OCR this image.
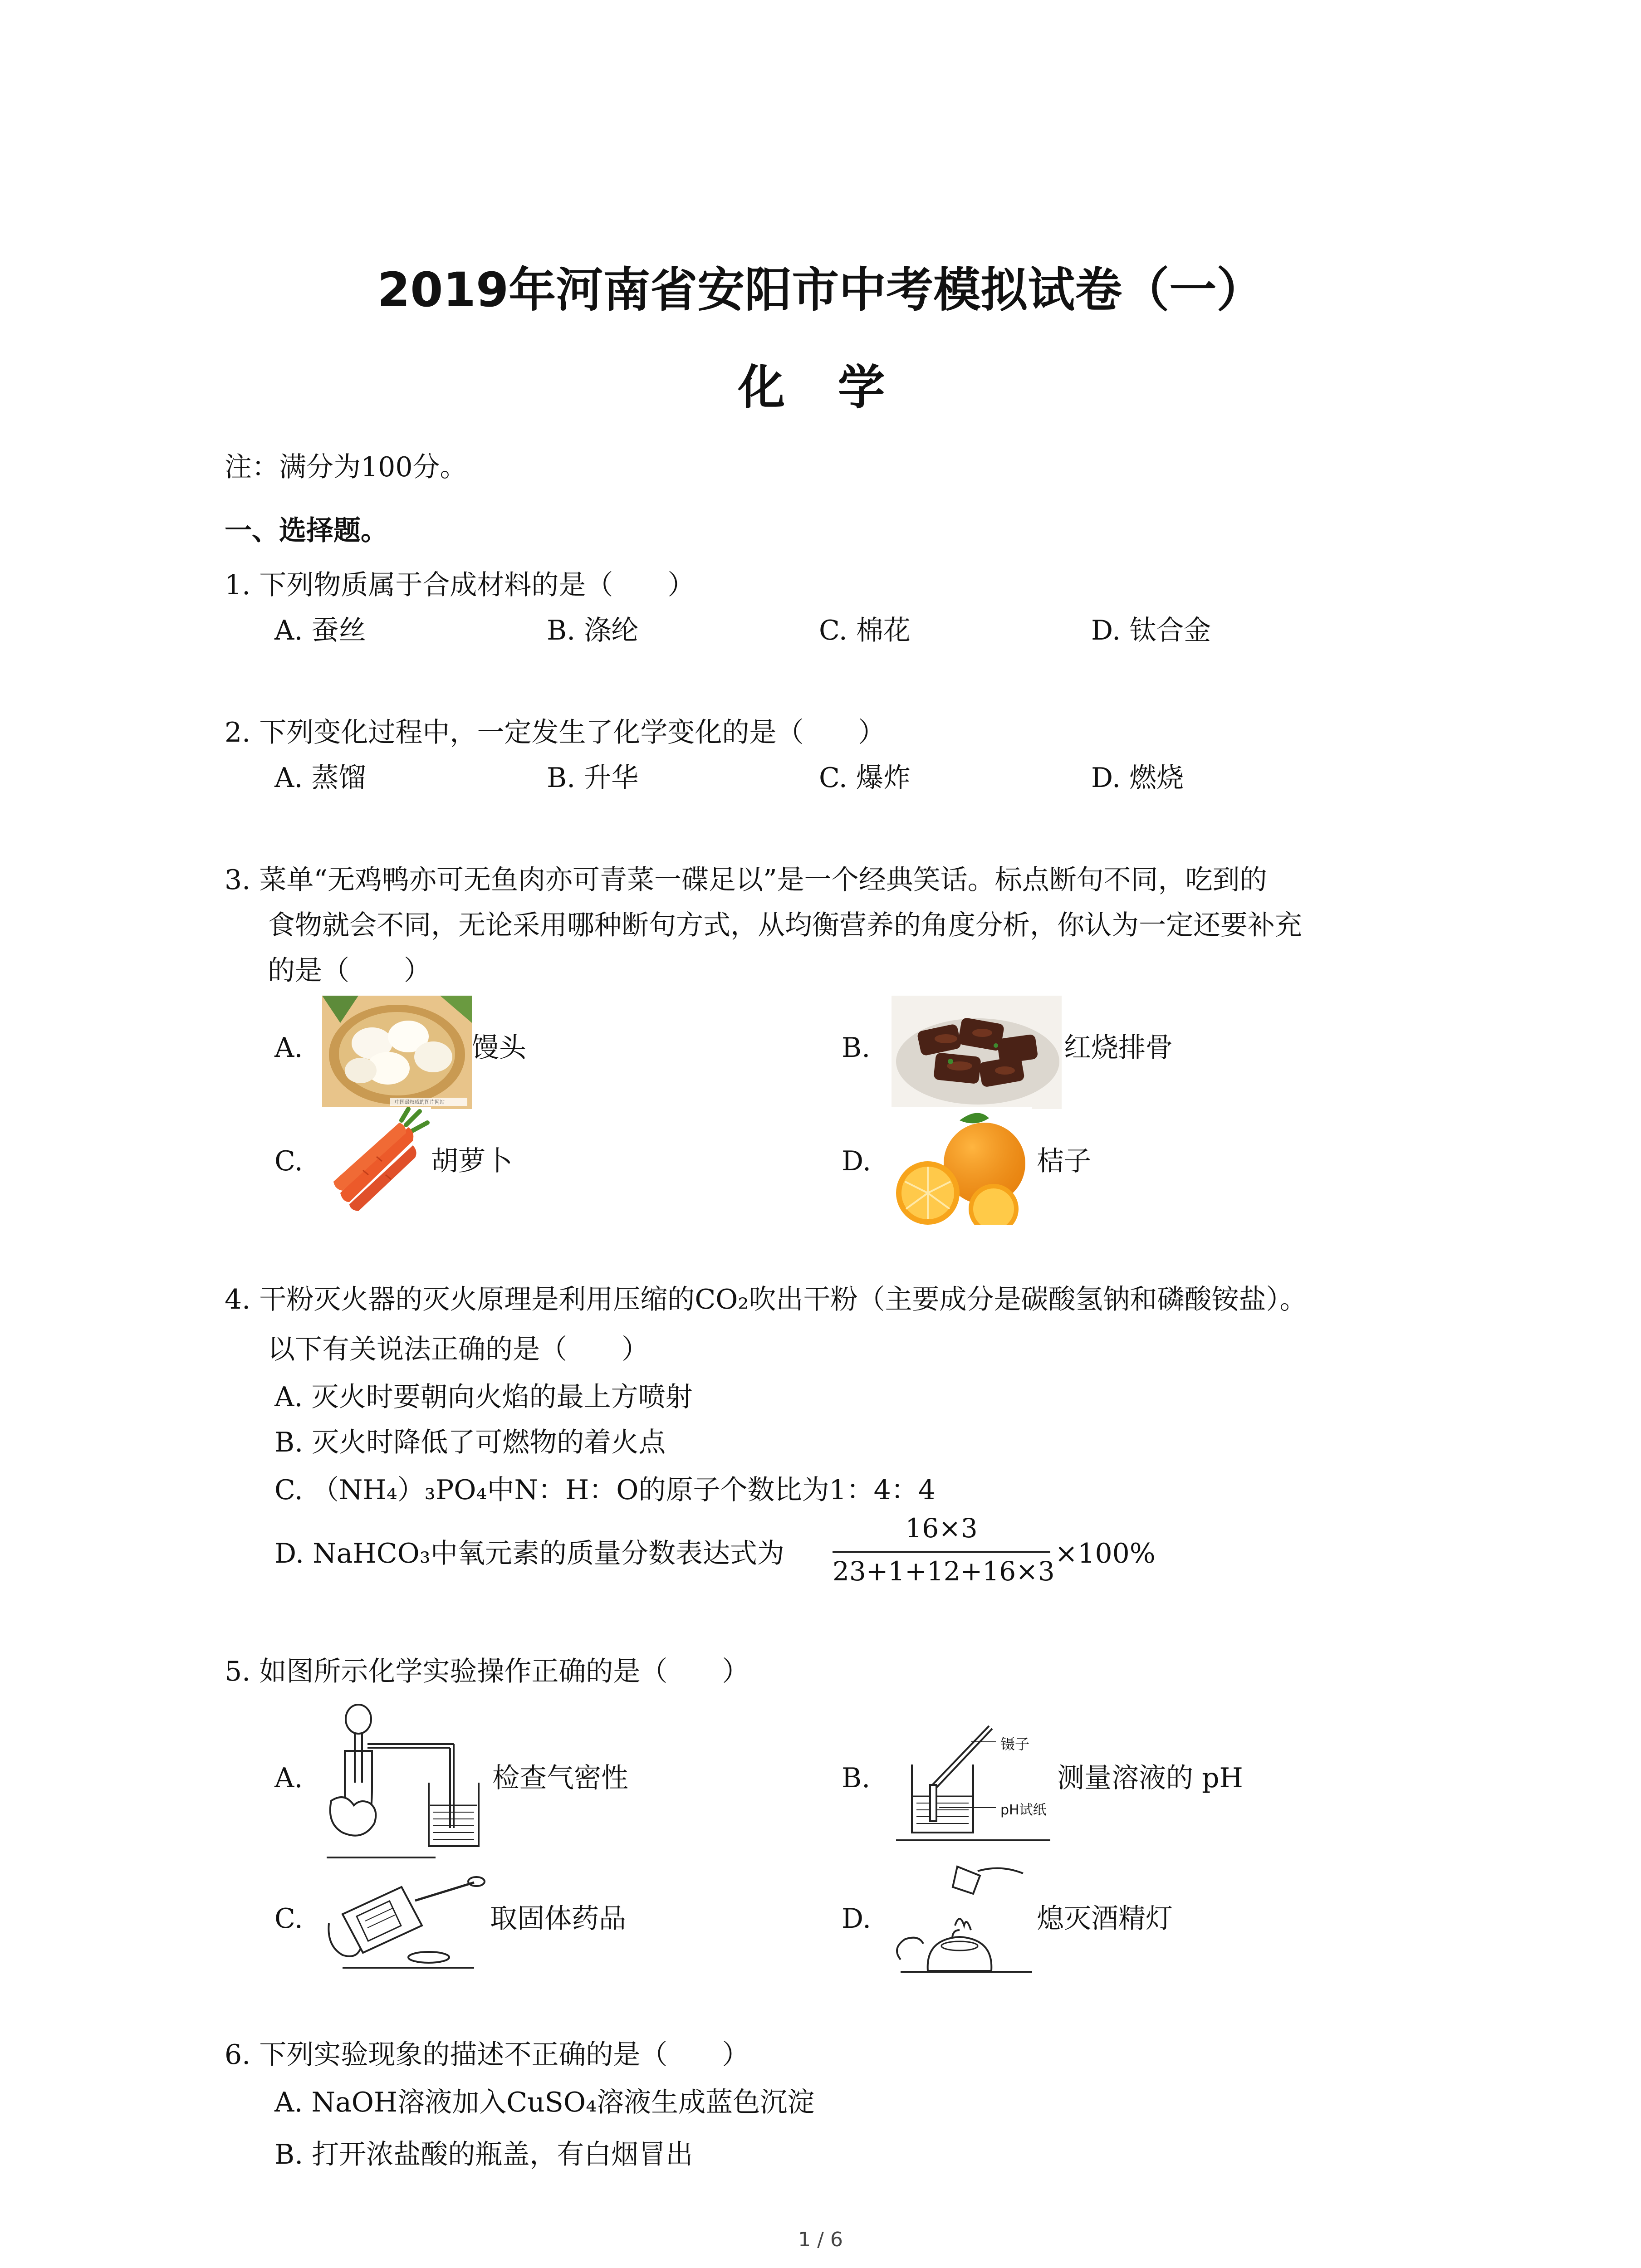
2019年河南省安阳市中考模拟试卷（一）
化 学
注：满分为100分。
一、选择题。
1. 下列物质属于合成材料的是（　　）
A. 蚕丝	B. 涤纶	C. 棉花	D. 钛合金
2. 下列变化过程中，一定发生了化学变化的是（　　）
A. 蒸馏	B. 升华	C. 爆炸	D. 燃烧
3. 菜单“无鸡鸭亦可无鱼肉亦可青菜一碟足以”是一个经典笑话。标点断句不同，吃到的
食物就会不同，无论采用哪种断句方式，从均衡营养的角度分析，你认为一定还要补充
的是（　　）
A.
中国最权威的图片网站
馒头	B.	红烧排骨
C.	胡萝卜	D.	桔子
4. 干粉灭火器的灭火原理是利用压缩的CO₂吹出干粉（主要成分是碳酸氢钠和磷酸铵盐）。
以下有关说法正确的是（　　）
A. 灭火时要朝向火焰的最上方喷射
B. 灭火时降低了可燃物的着火点
C. （NH₄）₃PO₄中N：H：O的原子个数比为1：4：4
D. NaHCO₃中氧元素的质量分数表达式为
16×3
23+1+12+16×3
×100%
5. 如图所示化学实验操作正确的是（　　）
A.	检查气密性	B.
镊子
pH试纸
测量溶液的 pH
C.	取固体药品	D.	熄灭酒精灯
6. 下列实验现象的描述不正确的是（　　）
A. NaOH溶液加入CuSO₄溶液生成蓝色沉淀
B. 打开浓盐酸的瓶盖，有白烟冒出
1 / 6
